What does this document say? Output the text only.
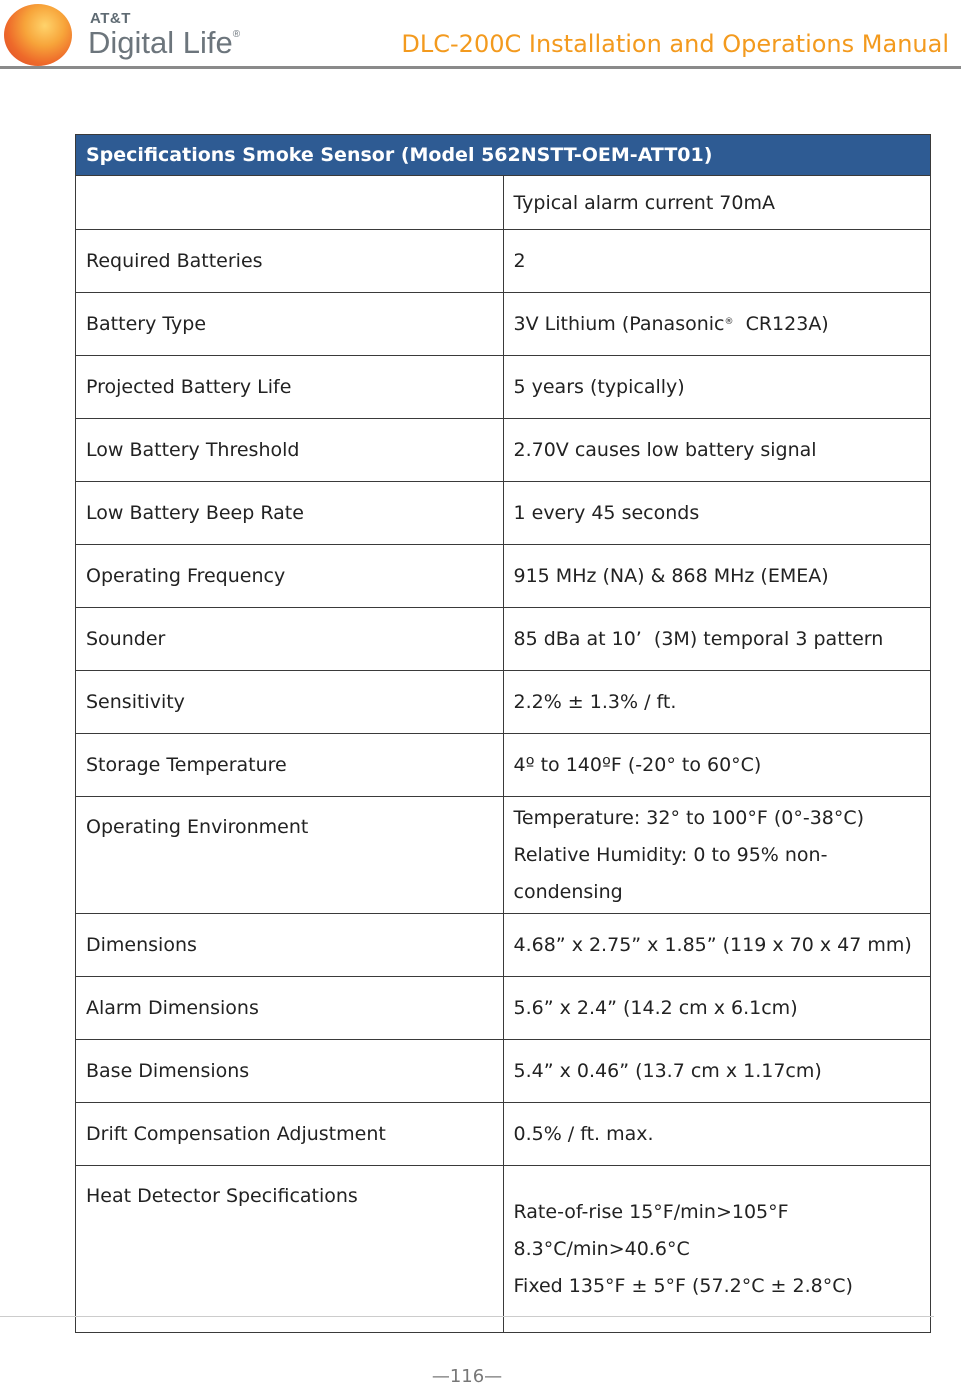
AT&T
Digital Life®	DLC-200C Installation and Operations Manual
Specifications Smoke Sensor (Model 562NSTT-OEM-ATT01)	
	Typical alarm current 70mA
Required Batteries	2
Battery Type	3V Lithium (Panasonic®  CR123A)
Projected Battery Life	5 years (typically)
Low Battery Threshold	2.70V causes low battery signal
Low Battery Beep Rate	1 every 45 seconds
Operating Frequency	915 MHz (NA) & 868 MHz (EMEA)
Sounder	85 dBa at 10’  (3M) temporal 3 pattern
Sensitivity	2.2% ± 1.3% / ft.
Storage Temperature	4º to 140ºF (-20° to 60°C)
Operating Environment	Temperature: 32° to 100°F (0°-38°C)
Relative Humidity: 0 to 95% non-condensing

Dimensions	4.68” x 2.75” x 1.85” (119 x 70 x 47 mm)
Alarm Dimensions	5.6” x 2.4” (14.2 cm x 6.1cm)
Base Dimensions	5.4” x 0.46” (13.7 cm x 1.17cm)
Drift Compensation Adjustment	0.5% / ft. max.
Heat Detector Specifications	Rate-of-rise 15°F/min>105°F
8.3°C/min>40.6°C
Fixed 135°F ± 5°F (57.2°C ± 2.8°C)
—116—
